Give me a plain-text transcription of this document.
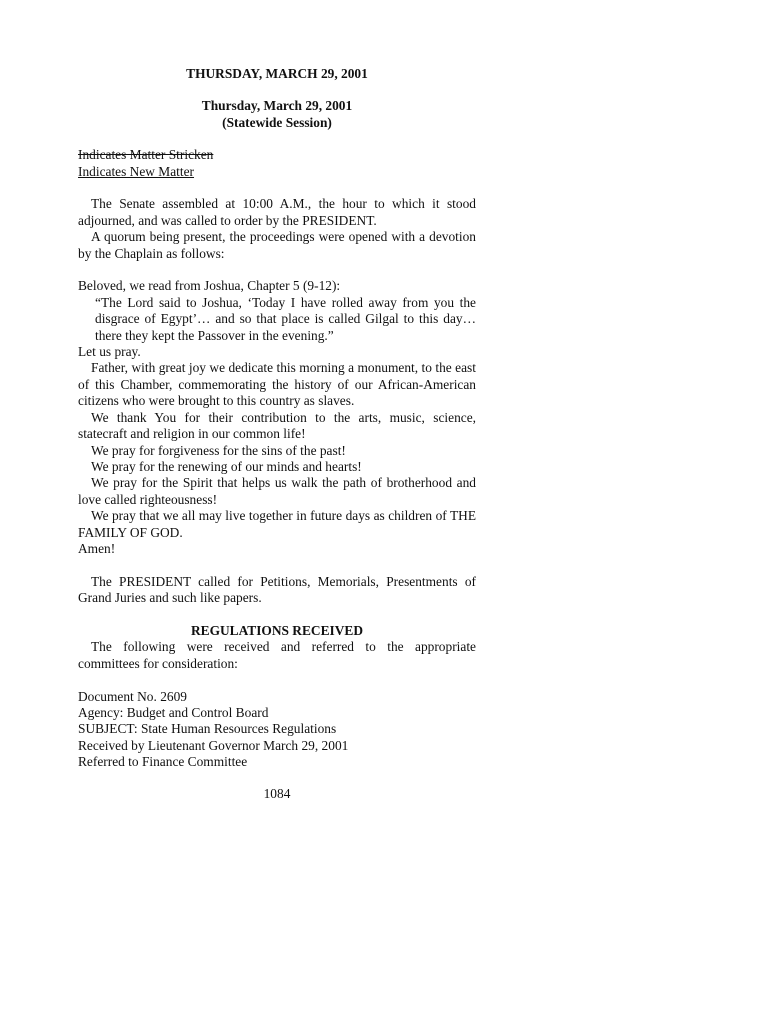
THURSDAY, MARCH 29, 2001
Thursday, March 29, 2001
(Statewide Session)
Indicates Matter Stricken
Indicates New Matter
The Senate assembled at 10:00 A.M., the hour to which it stood adjourned, and was called to order by the PRESIDENT.
A quorum being present, the proceedings were opened with a devotion by the Chaplain as follows:
Beloved, we read from Joshua, Chapter 5 (9-12):
“The Lord said to Joshua, ‘Today I have rolled away from you the disgrace of Egypt’… and so that place is called Gilgal to this day… there they kept the Passover in the evening.”
Let us pray.
Father, with great joy we dedicate this morning a monument, to the east of this Chamber, commemorating the history of our African-American citizens who were brought to this country as slaves.
We thank You for their contribution to the arts, music, science, statecraft and religion in our common life!
We pray for forgiveness for the sins of the past!
We pray for the renewing of our minds and hearts!
We pray for the Spirit that helps us walk the path of brotherhood and love called righteousness!
We pray that we all may live together in future days as children of THE FAMILY OF GOD.
Amen!
The PRESIDENT called for Petitions, Memorials, Presentments of Grand Juries and such like papers.
REGULATIONS RECEIVED
The following were received and referred to the appropriate committees for consideration:
Document No. 2609
Agency: Budget and Control Board
SUBJECT: State Human Resources Regulations
Received by Lieutenant Governor March 29, 2001
Referred to Finance Committee
1084
